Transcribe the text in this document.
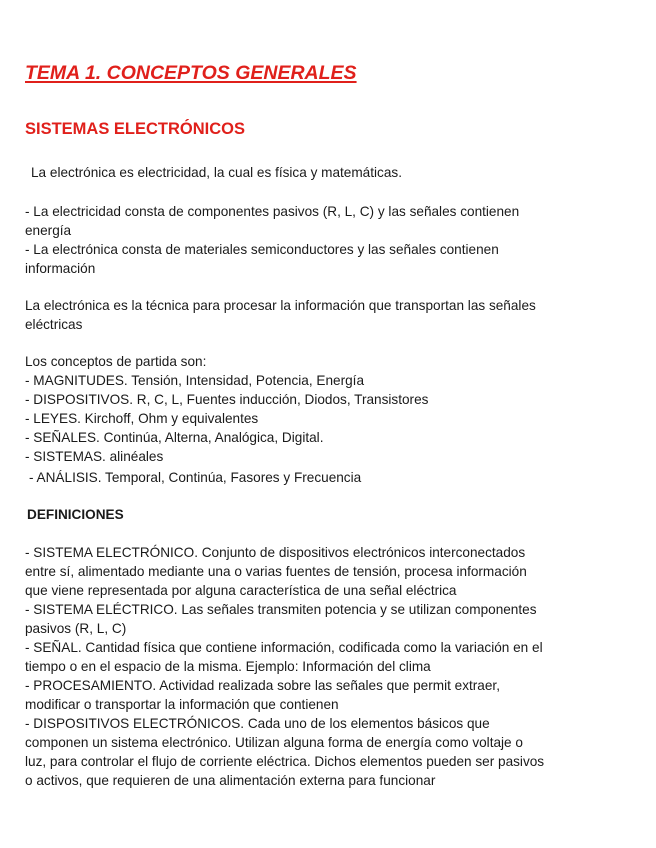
TEMA 1. CONCEPTOS GENERALES
SISTEMAS ELECTRÓNICOS

La electrónica es electricidad, la cual es física y matemáticas.

- La electricidad consta de componentes pasivos (R, L, C) y las señales contienen

energía

- La electrónica consta de materiales semiconductores y las señales contienen

información

La electrónica es la técnica para procesar la información que transportan las señales

eléctricas

Los conceptos de partida son:

- MAGNITUDES. Tensión, Intensidad, Potencia, Energía

- DISPOSITIVOS. R, C, L, Fuentes inducción, Diodos, Transistores

- LEYES. Kirchoff, Ohm y equivalentes

- SEÑALES. Continúa, Alterna, Analógica, Digital.

- SISTEMAS. alinéales

- ANÁLISIS. Temporal, Continúa, Fasores y Frecuencia

DEFINICIONES

- SISTEMA ELECTRÓNICO. Conjunto de dispositivos electrónicos interconectados

entre sí, alimentado mediante una o varias fuentes de tensión, procesa información

que viene representada por alguna característica de una señal eléctrica

- SISTEMA ELÉCTRICO. Las señales transmiten potencia y se utilizan componentes

pasivos (R, L, C)

- SEÑAL. Cantidad física que contiene información, codificada como la variación en el

tiempo o en el espacio de la misma. Ejemplo: Información del clima

- PROCESAMIENTO. Actividad realizada sobre las señales que permit extraer,

modificar o transportar la información que contienen

- DISPOSITIVOS ELECTRÓNICOS. Cada uno de los elementos básicos que

componen un sistema electrónico. Utilizan alguna forma de energía como voltaje o

luz, para controlar el flujo de corriente eléctrica. Dichos elementos pueden ser pasivos

o activos, que requieren de una alimentación externa para funcionar
